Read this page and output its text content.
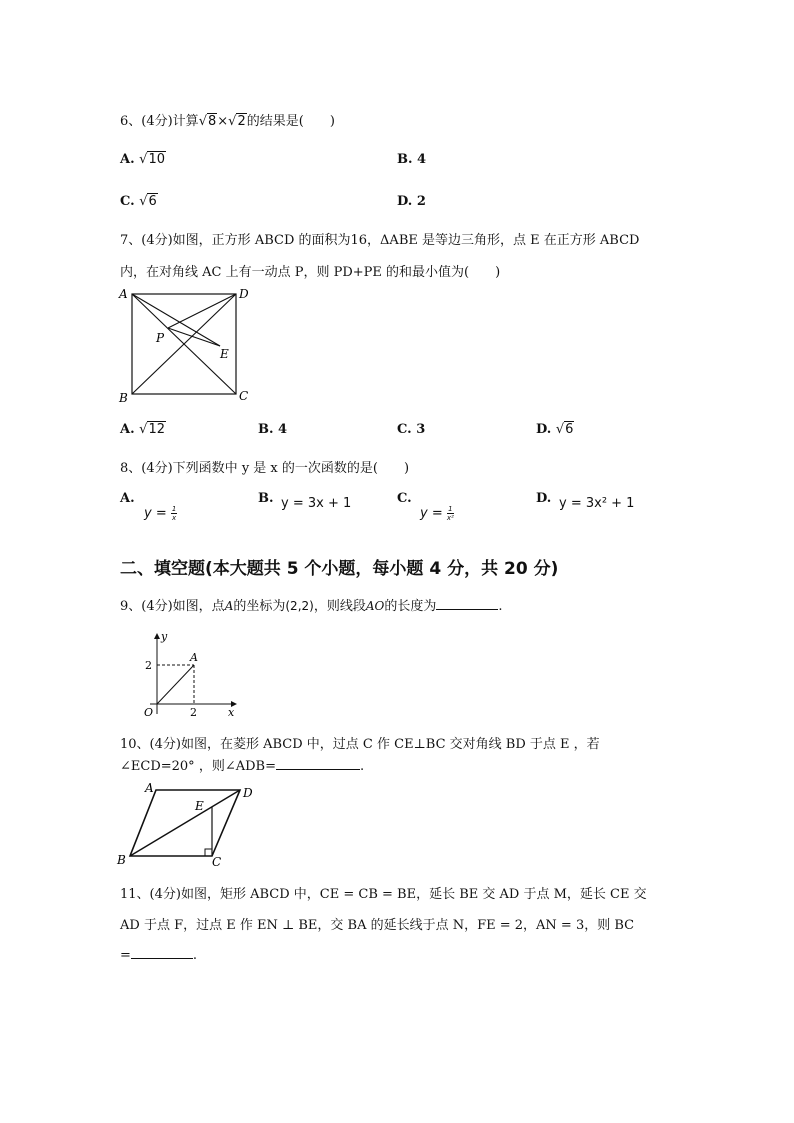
6、(4分)计算√8×√2的结果是(　　)
A. √10	B. 4
C. √6	D. 2
7、(4分)如图，正方形 ABCD 的面积为16，ΔABE 是等边三角形，点 E 在正方形 ABCD
内，在对角线 AC 上有一动点 P，则 PD+PE 的和最小值为(　　)
A	D
B	C
P
E
A. √12	B. 4	C. 3	D. √6
8、(4分)下列函数中 y 是 x 的一次函数的是(　　)
A.
$y = \frac{1}{x}$
B. y = 3x + 1	C.
$y = \frac{1}{\text{x²}}$
D. y = 3x² + 1
二、填空题(本大题共 5 个小题，每小题 4 分，共 20 分)
9、(4分)如图，点A的坐标为(2,2)，则线段AO的长度为	.
y
x
O
A
2
2
10、(4分)如图，在菱形 ABCD 中，过点 C 作 CE⊥BC 交对角线 BD 于点 E ，若
∠ECD=20° ，则∠ADB=	.
A	D
B	C
E
11、(4分)如图，矩形 ABCD 中，CE = CB = BE，延长 BE 交 AD 于点 M，延长 CE 交
AD 于点 F，过点 E 作 EN ⊥ BE，交 BA 的延长线于点 N，FE = 2，AN = 3，则 BC
=	.
